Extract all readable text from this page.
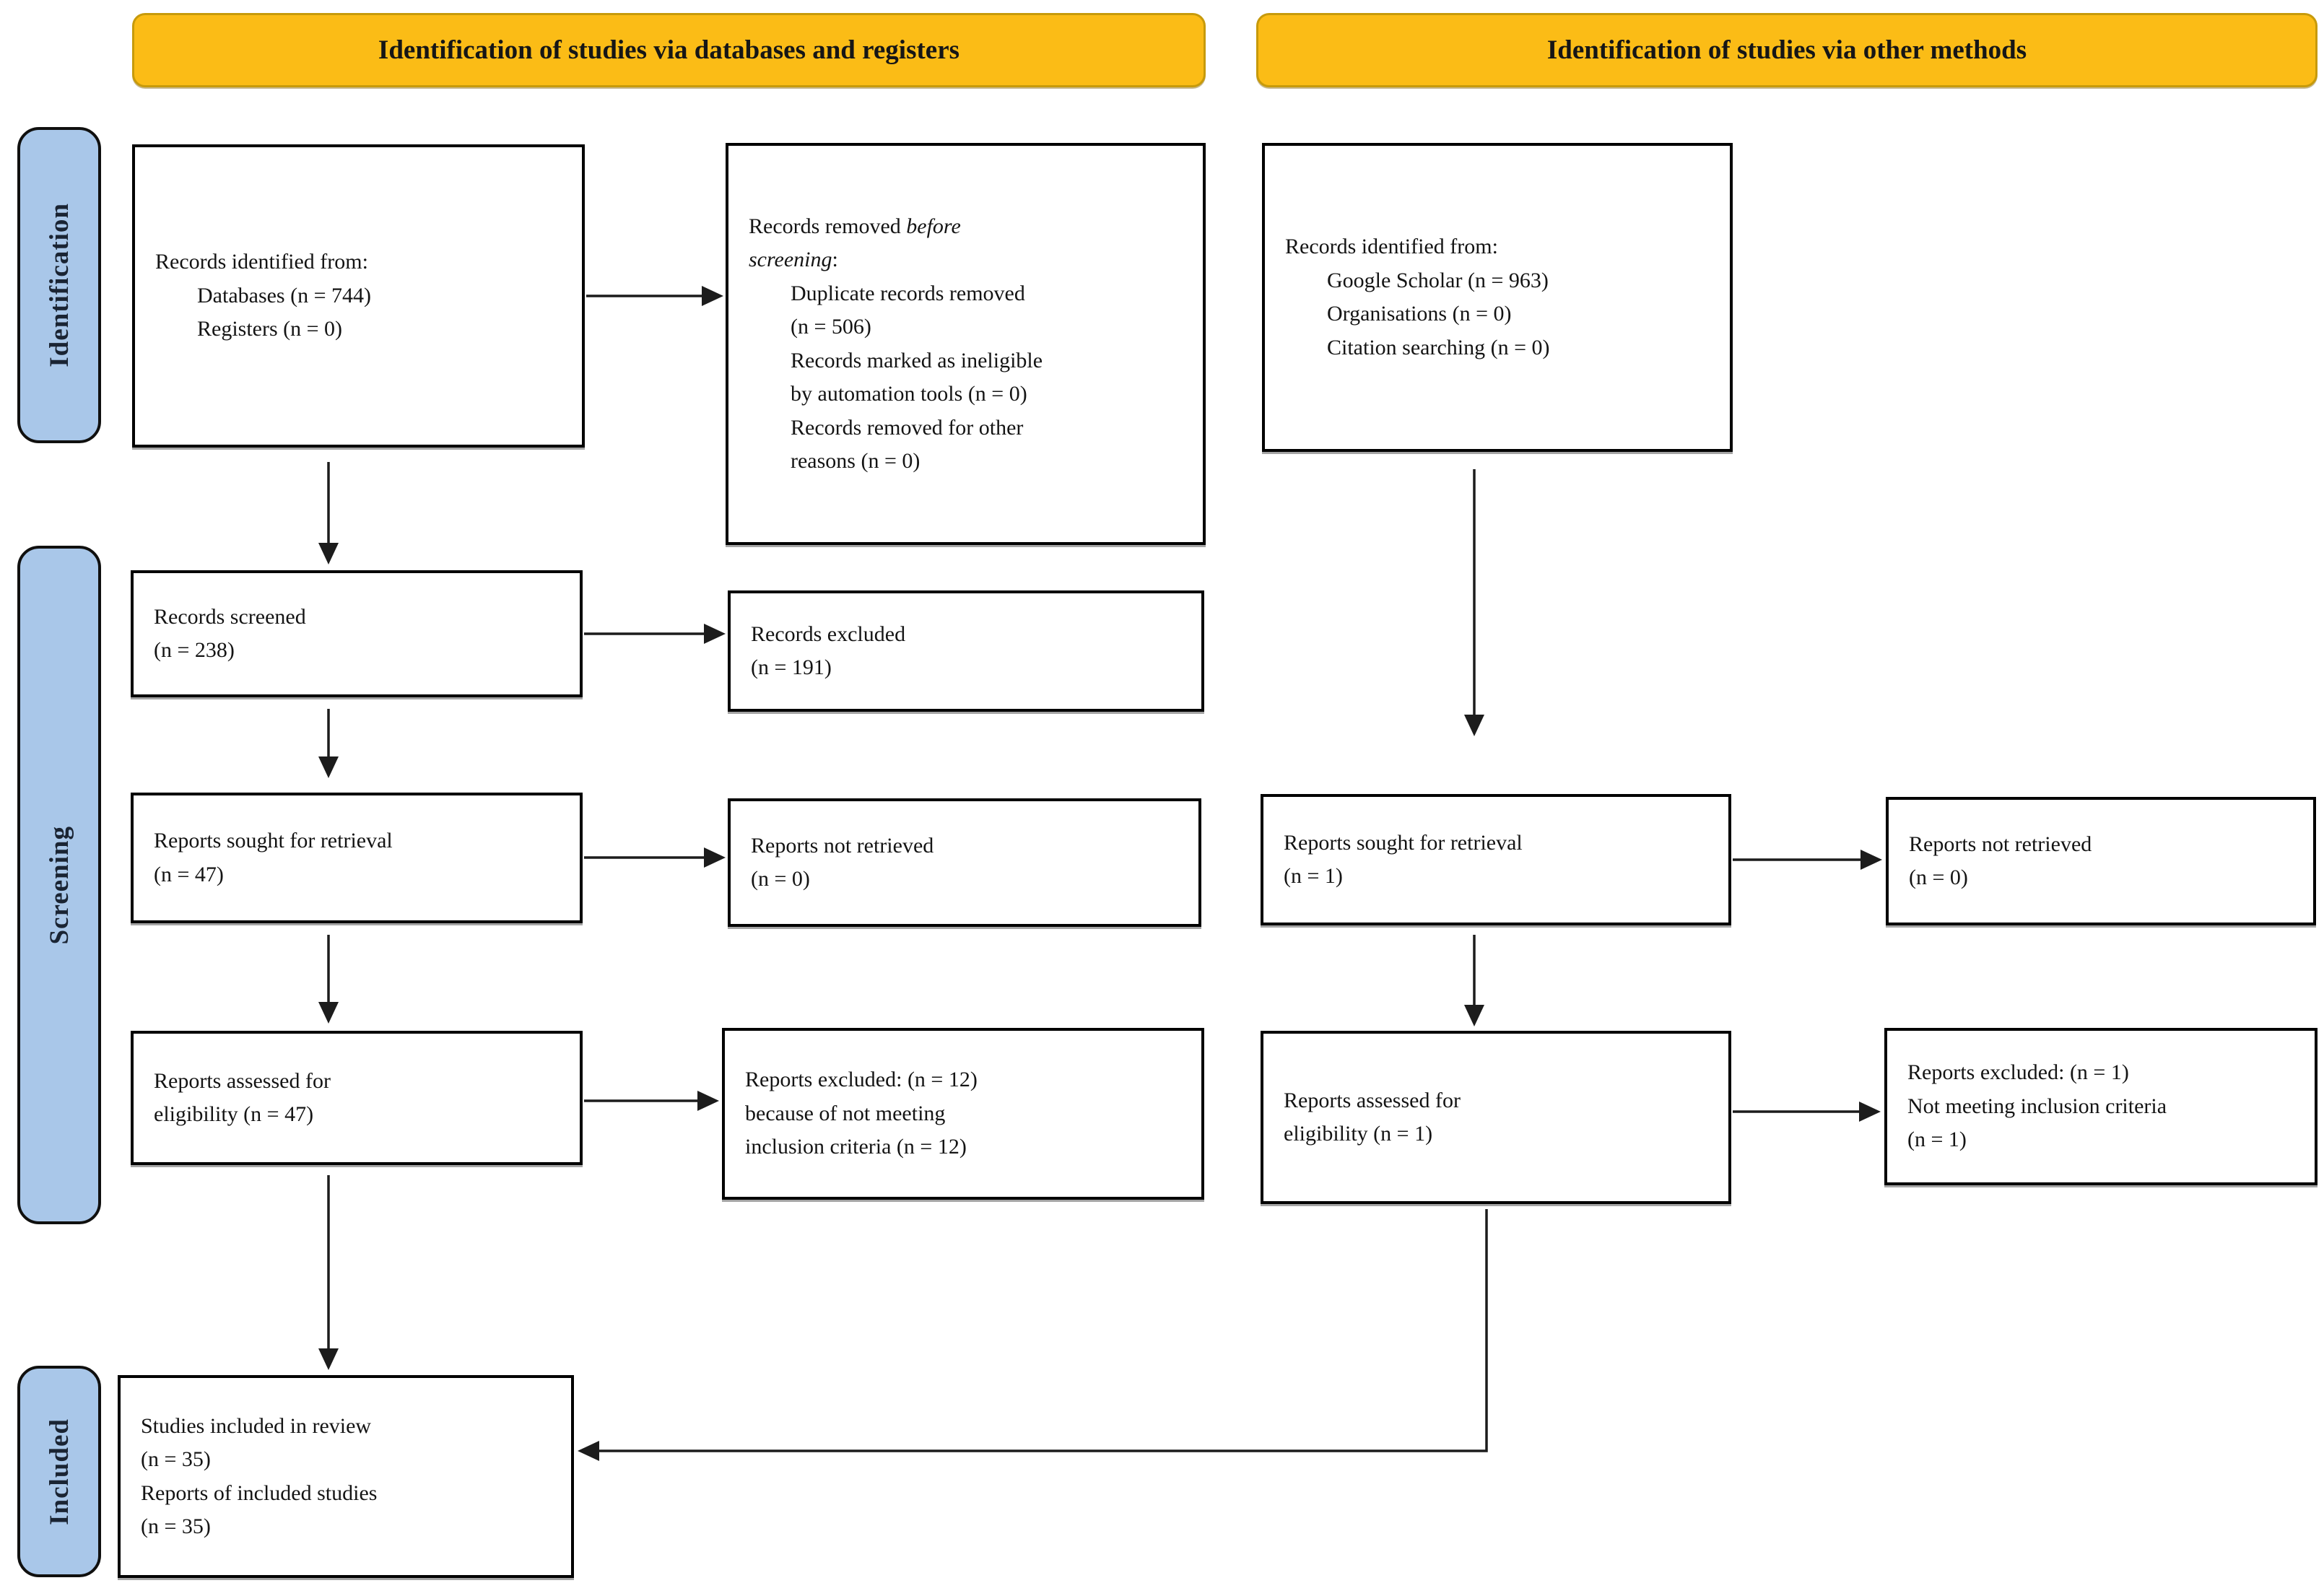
Identification of studies via databases and registers	Identification of studies via other methods
Identification
Screening
Included
Records identified from:
Databases (n = 744)
Registers (n = 0)
Records screened
(n = 238)
Reports sought for retrieval
(n = 47)
Reports assessed for
eligibility (n = 47)
Studies included in review
(n = 35)
Reports of included studies
(n = 35)
Records removed before
screening:
Duplicate records removed
(n = 506)
Records marked as ineligible
by automation tools (n = 0)
Records removed for other
reasons (n = 0)
Records excluded
(n = 191)
Reports not retrieved
(n = 0)
Reports excluded: (n = 12)
because of not meeting
inclusion criteria (n = 12)
Records identified from:
Google Scholar (n = 963)
Organisations (n = 0)
Citation searching (n = 0)
Reports sought for retrieval
(n = 1)
Reports assessed for
eligibility (n = 1)
Reports not retrieved
(n = 0)
Reports excluded: (n = 1)
Not meeting inclusion criteria
(n = 1)
